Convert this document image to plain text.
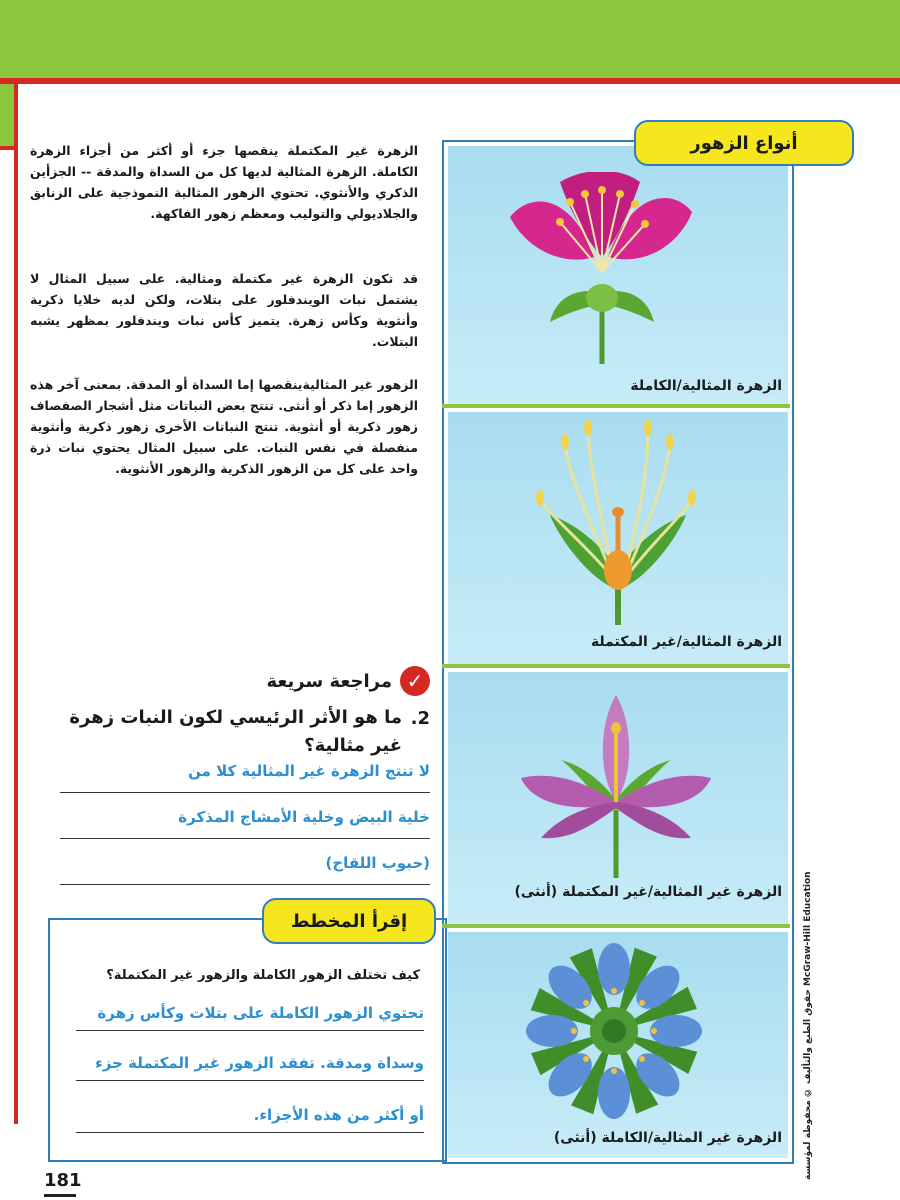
الزهرة غير المكتملة ينقصها جزء أو أكثر من أجزاء الزهرة الكاملة. الزهرة المثالية لديها كل من السداة والمدقة -- الجزأين الذكري والأنثوي. تحتوي الزهور المثالية النموذجية على الزنابق والجلاديولي والتوليب ومعظم زهور الفاكهة.
قد تكون الزهرة غير مكتملة ومثالية. على سبيل المثال لا يشتمل نبات الويندفلور على بتلات، ولكن لديه خلايا ذكرية وأنثوية وكأس زهرة. يتميز كأس نبات ويندفلور بمظهر يشبه البتلات.
الزهور غير المثاليةينقصها إما السداة أو المدقة. بمعنى آخر هذه الزهور إما ذكر أو أنثى. تنتج بعض النباتات مثل أشجار الصفصاف زهور ذكرية أو أنثوية. تنتج النباتات الأخرى زهور ذكرية وأنثوية منفصلة في نفس النبات. على سبيل المثال يحتوي نبات ذرة واحد على كل من الزهور الذكرية والزهور الأنثوية.
✓
مراجعة سريعة
2.
ما هو الأثر الرئيسي لكون النبات زهرة غير مثالية؟
لا تنتج الزهرة غير المثالية كلا من
خلية البيض وخلية الأمشاج المذكرة
(حبوب اللقاح)
إقرأ المخطط
كيف تختلف الزهور الكاملة والزهور غير المكتملة؟
تحتوي الزهور الكاملة على بتلات وكأس زهرة
وسداة ومدقة. تفقد الزهور غير المكتملة جزء
أو أكثر من هذه الأجزاء.
181
أنواع الزهور
الزهرة المثالية/الكاملة
الزهرة المثالية/غير المكتملة
الزهرة غير المثالية/غير المكتملة (أنثى)
الزهرة غير المثالية/الكاملة (أنثى) حقوق الطبع والتأليف © محفوظة لمؤسسة McGraw-Hill Education
